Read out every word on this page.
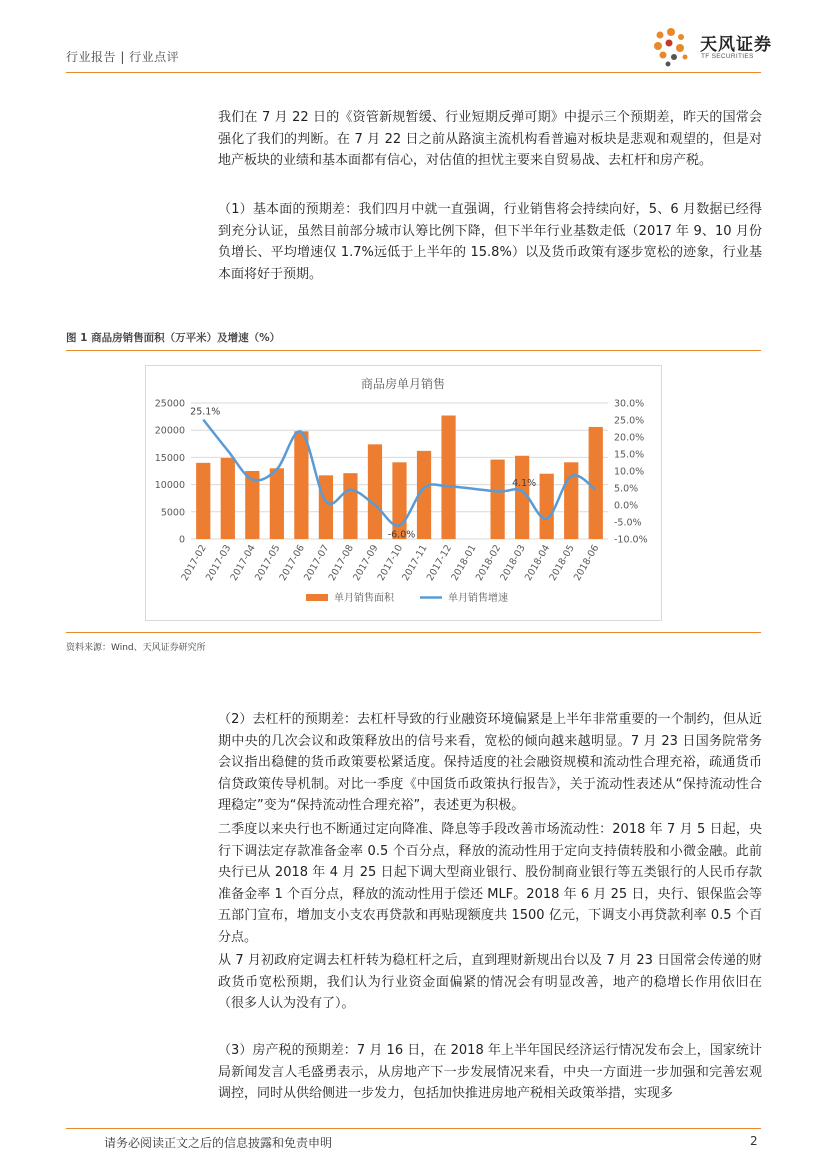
行业报告 | 行业点评
天风证券
TF SECURITIES

我们在 7 月 22 日的《资管新规暂缓、行业短期反弹可期》中提示三个预期差，昨天的国常会强化了我们的判断。在 7 月 22 日之前从路演主流机构看普遍对板块是悲观和观望的，但是对地产板块的业绩和基本面都有信心，对估值的担忧主要来自贸易战、去杠杆和房产税。

（1）基本面的预期差：我们四月中就一直强调，行业销售将会持续向好，5、6 月数据已经得到充分认证，虽然目前部分城市认筹比例下降，但下半年行业基数走低（2017 年 9、10 月份负增长、平均增速仅 1.7%远低于上半年的 15.8%）以及货币政策有逐步宽松的迹象，行业基本面将好于预期。

图 1 商品房销售面积（万平米）及增速（%）
商品房单月销售
25.1%
-6.0%
4.1%
0
5000
10000
15000
20000
25000
-10.0%
-5.0%
0.0%
5.0%
10.0%
15.0%
20.0%
25.0%
30.0%
2017-02
2017-03
2017-04
2017-05
2017-06
2017-07
2017-08
2017-09
2017-10
2017-11
2017-12
2018-01
2018-02
2018-03
2018-04
2018-05
2018-06
单月销售面积	单月销售增速
资料来源：Wind、天风证券研究所

（2）去杠杆的预期差：去杠杆导致的行业融资环境偏紧是上半年非常重要的一个制约，但从近期中央的几次会议和政策释放出的信号来看，宽松的倾向越来越明显。7 月 23 日国务院常务会议指出稳健的货币政策要松紧适度。保持适度的社会融资规模和流动性合理充裕，疏通货币信贷政策传导机制。对比一季度《中国货币政策执行报告》，关于流动性表述从“保持流动性合理稳定”变为“保持流动性合理充裕”，表述更为积极。

二季度以来央行也不断通过定向降准、降息等手段改善市场流动性：2018 年 7 月 5 日起，央行下调法定存款准备金率 0.5 个百分点，释放的流动性用于定向支持债转股和小微金融。此前央行已从 2018 年 4 月 25 日起下调大型商业银行、股份制商业银行等五类银行的人民币存款准备金率 1 个百分点，释放的流动性用于偿还 MLF。2018 年 6 月 25 日，央行、银保监会等五部门宣布，增加支小支农再贷款和再贴现额度共 1500 亿元，下调支小再贷款利率 0.5 个百分点。

从 7 月初政府定调去杠杆转为稳杠杆之后，直到理财新规出台以及 7 月 23 日国常会传递的财政货币宽松预期，我们认为行业资金面偏紧的情况会有明显改善，地产的稳增长作用依旧在（很多人认为没有了）。

（3）房产税的预期差：7 月 16 日，在 2018 年上半年国民经济运行情况发布会上，国家统计局新闻发言人毛盛勇表示，从房地产下一步发展情况来看，中央一方面进一步加强和完善宏观调控，同时从供给侧进一步发力，包括加快推进房地产税相关政策举措，实现多

请务必阅读正文之后的信息披露和免责申明	2
